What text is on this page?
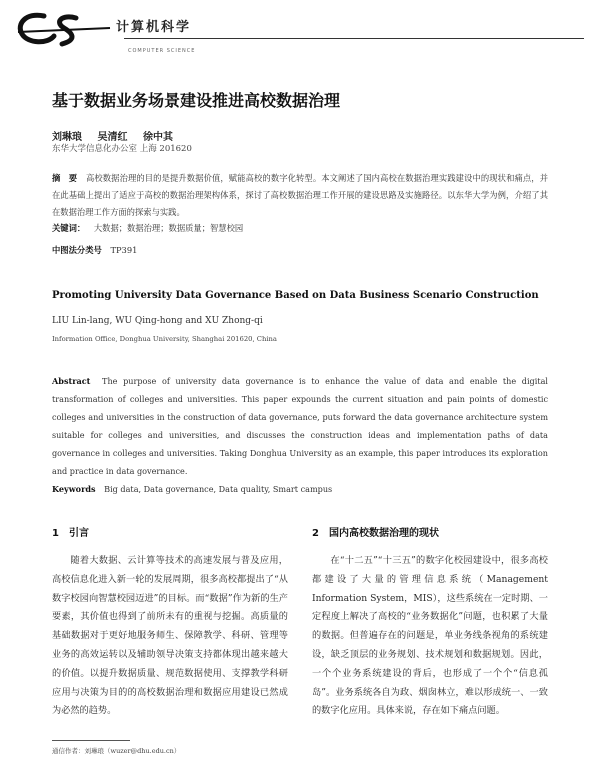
计算机科学
COMPUTER SCIENCE
基于数据业务场景建设推进高校数据治理
刘琳琅 吴清红 徐中其
东华大学信息化办公室 上海 201620
摘　要 高校数据治理的目的是提升数据价值，赋能高校的数字化转型。本文阐述了国内高校在数据治理实践建设中的现状和痛点，并在此基础上提出了适应于高校的数据治理架构体系，探讨了高校数据治理工作开展的建设思路及实施路径。以东华大学为例，介绍了其在数据治理工作方面的探索与实践。
关键词： 大数据；数据治理；数据质量；智慧校园
中图法分类号 TP391
Promoting University Data Governance Based on Data Business Scenario Construction
LIU Lin-lang, WU Qing-hong and XU Zhong-qi
Information Office, Donghua University, Shanghai 201620, China
Abstract The purpose of university data governance is to enhance the value of data and enable the digital transformation of colleges and universities. This paper expounds the current situation and pain points of domestic colleges and universities in the construction of data governance, puts forward the data governance architecture system suitable for colleges and universities, and discusses the construction ideas and implementation paths of data governance in colleges and universities. Taking Donghua University as an example, this paper introduces its exploration and practice in data governance.
Keywords Big data, Data governance, Data quality, Smart campus
1 引言
随着大数据、云计算等技术的高速发展与普及应用，高校信息化进入新一轮的发展周期，很多高校都提出了“从数字校园向智慧校园迈进”的目标。而“数据”作为新的生产要素，其价值也得到了前所未有的重视与挖掘。高质量的基础数据对于更好地服务师生、保障教学、科研、管理等业务的高效运转以及辅助领导决策支持都体现出越来越大的价值。以提升数据质量、规范数据使用、支撑教学科研应用与决策为目的的高校数据治理和数据应用建设已然成为必然的趋势。
2 国内高校数据治理的现状
在“十二五”“十三五”的数字化校园建设中，很多高校都建设了大量的管理信息系统（Management Information System，MIS），这些系统在一定时期、一定程度上解决了高校的“业务数据化”问题，也积累了大量的数据。但普遍存在的问题是，单业务线条视角的系统建设，缺乏顶层的业务规划、技术规划和数据规划。因此，一个个业务系统建设的背后，也形成了一个个“信息孤岛”。业务系统各自为政、烟囱林立，难以形成统一、一致的数字化应用。具体来说，存在如下痛点问题。
通信作者：刘琳琅（wuzer@dhu.edu.cn）
